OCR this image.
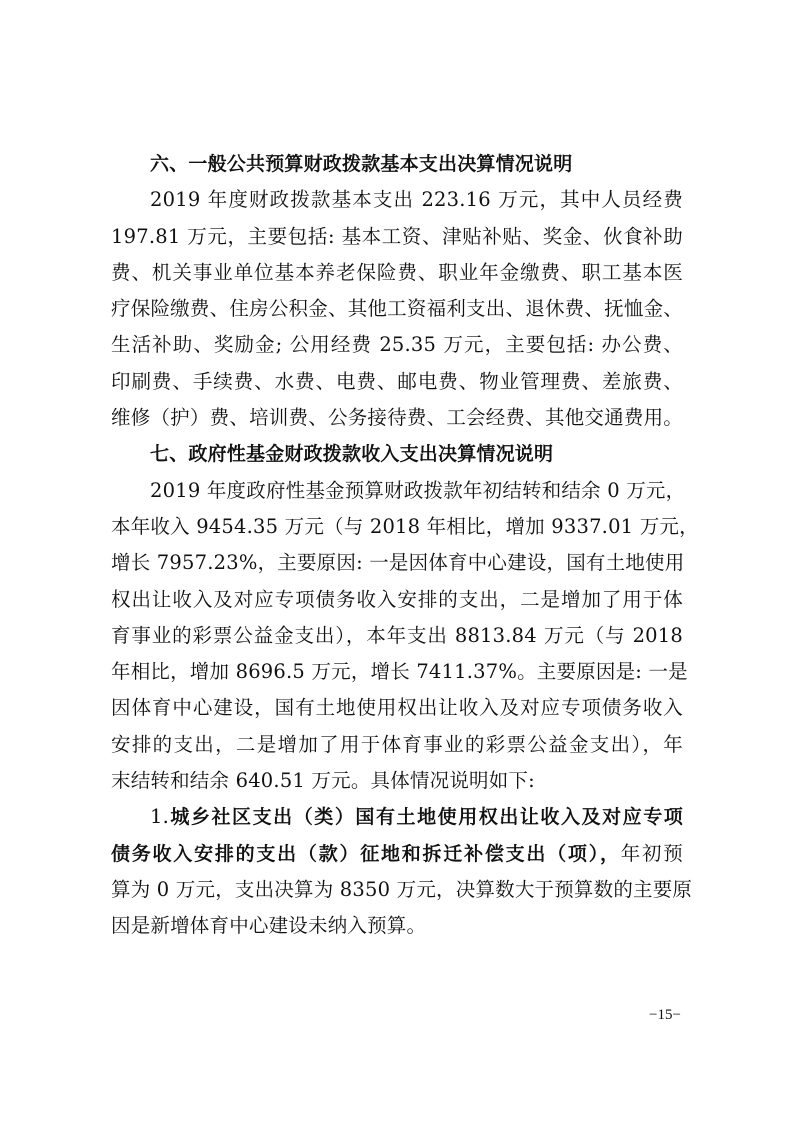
六、一般公共预算财政拨款基本支出决算情况说明
2019 年度财政拨款基本支出 223.16 万元，其中人员经费
197.81 万元，主要包括: 基本工资、津贴补贴、奖金、伙食补助
费、机关事业单位基本养老保险费、职业年金缴费、职工基本医
疗保险缴费、住房公积金、其他工资福利支出、退休费、抚恤金、
生活补助、奖励金; 公用经费 25.35 万元，主要包括: 办公费、
印刷费、手续费、水费、电费、邮电费、物业管理费、差旅费、
维修（护）费、培训费、公务接待费、工会经费、其他交通费用。
七、政府性基金财政拨款收入支出决算情况说明
2019 年度政府性基金预算财政拨款年初结转和结余 0 万元，
本年收入 9454.35 万元（与 2018 年相比，增加 9337.01 万元，
增长 7957.23%，主要原因: 一是因体育中心建设，国有土地使用
权出让收入及对应专项债务收入安排的支出，二是增加了用于体
育事业的彩票公益金支出），本年支出 8813.84 万元（与 2018
年相比，增加 8696.5 万元，增长 7411.37%。主要原因是: 一是
因体育中心建设，国有土地使用权出让收入及对应专项债务收入
安排的支出，二是增加了用于体育事业的彩票公益金支出），年
末结转和结余 640.51 万元。具体情况说明如下:
1.城乡社区支出（类）国有土地使用权出让收入及对应专项
债务收入安排的支出（款）征地和拆迁补偿支出（项），年初预
算为 0 万元，支出决算为 8350 万元，决算数大于预算数的主要原
因是新增体育中心建设未纳入预算。
−15−
